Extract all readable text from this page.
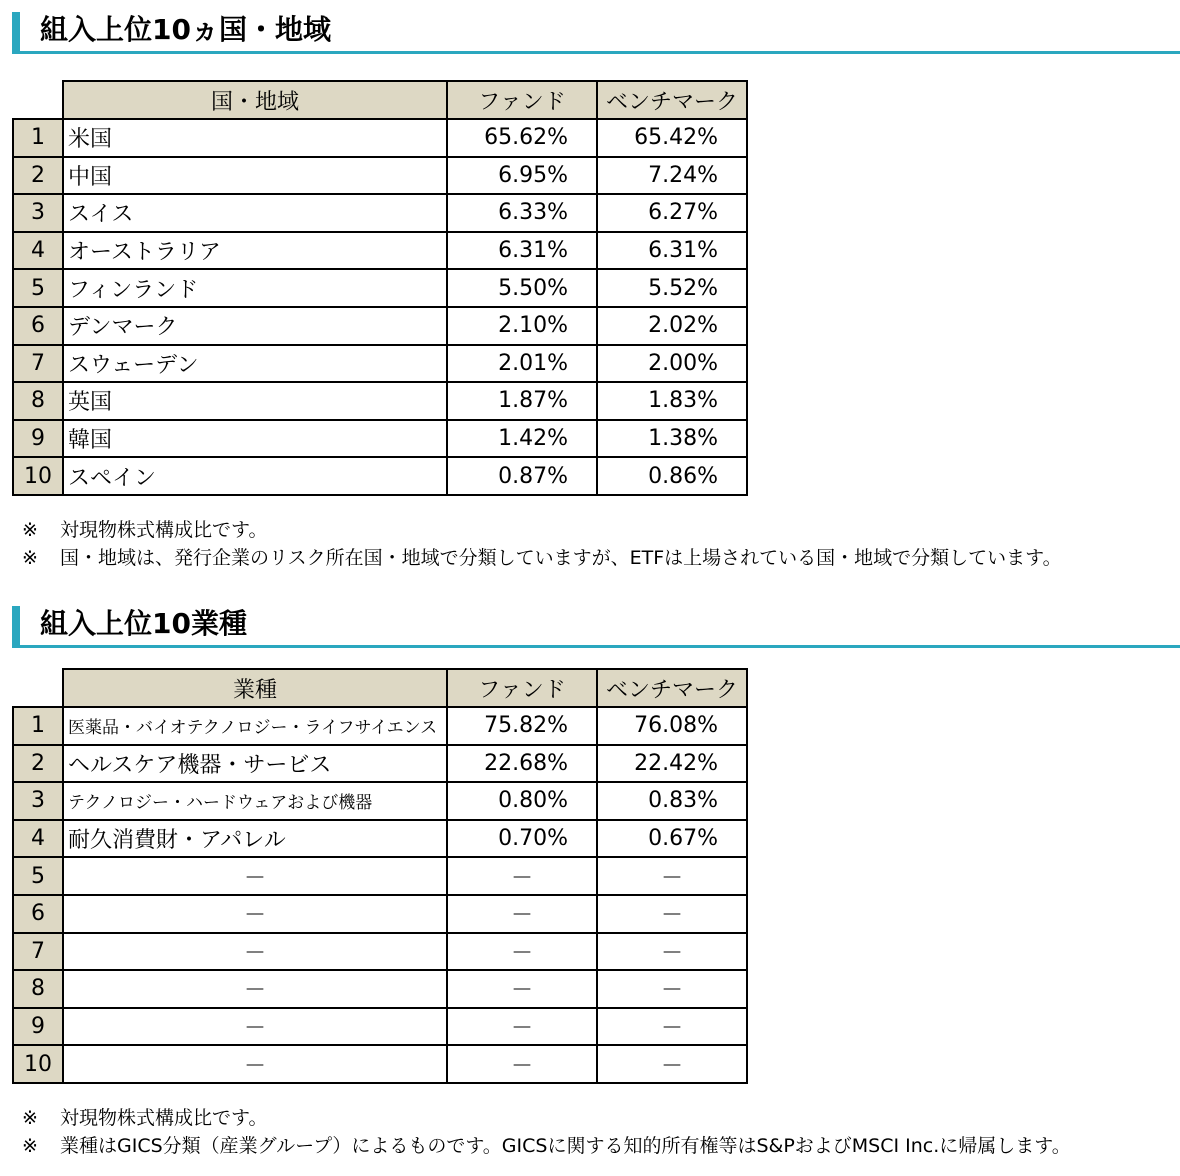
組入上位10ヵ国・地域
	国・地域	ファンド	ベンチマーク
1	米国	65.62%	65.42%
2	中国	6.95%	7.24%
3	スイス	6.33%	6.27%
4	オーストラリア	6.31%	6.31%
5	フィンランド	5.50%	5.52%
6	デンマーク	2.10%	2.02%
7	スウェーデン	2.01%	2.00%
8	英国	1.87%	1.83%
9	韓国	1.42%	1.38%
10	スペイン	0.87%	0.86%
※ 対現物株式構成比です。
※ 国・地域は、発行企業のリスク所在国・地域で分類していますが、ETFは上場されている国・地域で分類しています。
組入上位10業種
	業種	ファンド	ベンチマーク
1	医薬品・バイオテクノロジー・ライフサイエンス	75.82%	76.08%
2	ヘルスケア機器・サービス	22.68%	22.42%
3	テクノロジー・ハードウェアおよび機器	0.80%	0.83%
4	耐久消費財・アパレル	0.70%	0.67%
5	－	－	－
6	－	－	－
7	－	－	－
8	－	－	－
9	－	－	－
10	－	－	－
※ 対現物株式構成比です。
※ 業種はGICS分類（産業グループ）によるものです。GICSに関する知的所有権等はS&PおよびMSCI Inc.に帰属します。
